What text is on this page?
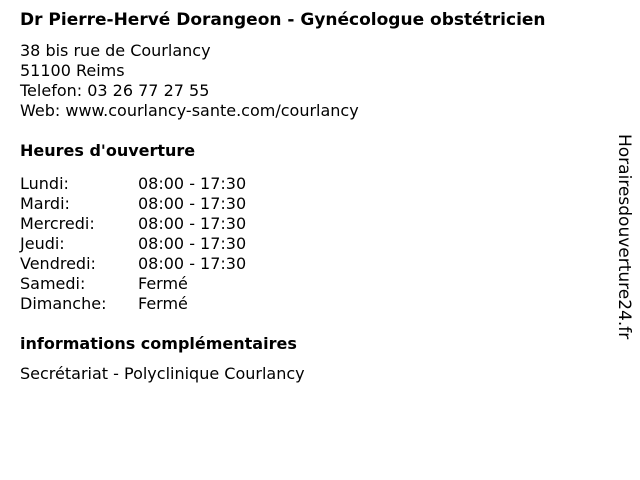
Dr Pierre-Hervé Dorangeon - Gynécologue obstétricien
38 bis rue de Courlancy
51100 Reims
Telefon: 03 26 77 27 55
Web: www.courlancy-sante.com/courlancy
Heures d'ouverture
Lundi:	08:00 - 17:30
Mardi:	08:00 - 17:30
Mercredi:	08:00 - 17:30
Jeudi:	08:00 - 17:30
Vendredi:	08:00 - 17:30
Samedi:	Fermé
Dimanche:	Fermé
informations complémentaires
Secrétariat - Polyclinique Courlancy
Horairesdouverture24.fr
